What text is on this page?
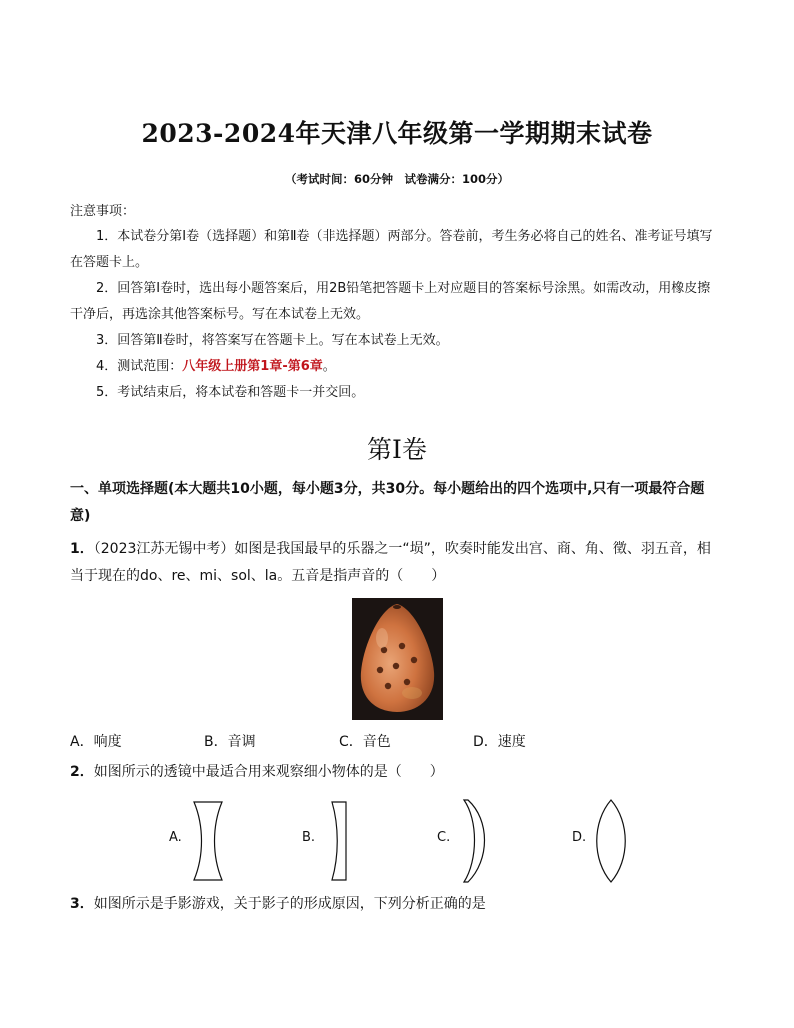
2023-2024年天津八年级第一学期期末试卷
（考试时间：60分钟　试卷满分：100分）
注意事项：

1．本试卷分第Ⅰ卷（选择题）和第Ⅱ卷（非选择题）两部分。答卷前，考生务必将自己的姓名、准考证号填写在答题卡上。

2．回答第Ⅰ卷时，选出每小题答案后，用2B铅笔把答题卡上对应题目的答案标号涂黑。如需改动，用橡皮擦干净后，再选涂其他答案标号。写在本试卷上无效。

3．回答第Ⅱ卷时，将答案写在答题卡上。写在本试卷上无效。

4．测试范围：八年级上册第1章-第6章。

5．考试结束后，将本试卷和答题卡一并交回。

第Ⅰ卷
一、单项选择题(本大题共10小题，每小题3分，共30分。每小题给出的四个选项中,只有一项最符合题意)
1．（2023江苏无锡中考）如图是我国最早的乐器之一“埙”，吹奏时能发出宫、商、角、徵、羽五音，相当于现在的do、re、mi、sol、la。五音是指声音的（　　）
A．响度	B．音调	C．音色	D．速度
2．如图所示的透镜中最适合用来观察细小物体的是（　　）
A.	B.	C.	D.
3．如图所示是手影游戏，关于影子的形成原因，下列分析正确的是
